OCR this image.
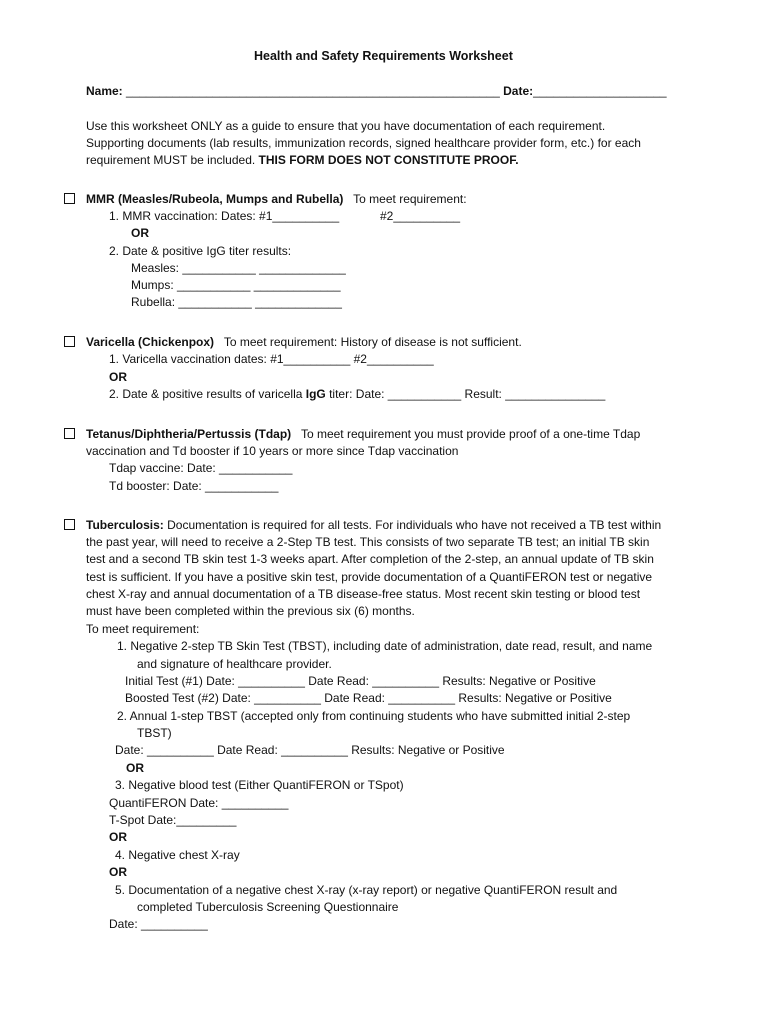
Health and Safety Requirements Worksheet
Name: ________________________________________________________ Date:____________________
Use this worksheet ONLY as a guide to ensure that you have documentation of each requirement.
Supporting documents (lab results, immunization records, signed healthcare provider form, etc.) for each
requirement MUST be included. THIS FORM DOES NOT CONSTITUTE PROOF.
MMR (Measles/Rubeola, Mumps and Rubella) To meet requirement:
1. MMR vaccination: Dates: #1__________	#2__________
OR
2. Date & positive IgG titer results:
Measles: ___________ _____________
Mumps: ___________ _____________
Rubella: ___________ _____________
Varicella (Chickenpox) To meet requirement: History of disease is not sufficient.
1. Varicella vaccination dates: #1__________ #2__________
OR
2. Date & positive results of varicella IgG titer: Date: ___________ Result: _______________
Tetanus/Diphtheria/Pertussis (Tdap) To meet requirement you must provide proof of a one-time Tdap
vaccination and Td booster if 10 years or more since Tdap vaccination
Tdap vaccine: Date: ___________
Td booster: Date: ___________
Tuberculosis: Documentation is required for all tests. For individuals who have not received a TB test within
the past year, will need to receive a 2-Step TB test. This consists of two separate TB test; an initial TB skin
test and a second TB skin test 1-3 weeks apart. After completion of the 2-step, an annual update of TB skin
test is sufficient. If you have a positive skin test, provide documentation of a QuantiFERON test or negative
chest X-ray and annual documentation of a TB disease-free status. Most recent skin testing or blood test
must have been completed within the previous six (6) months.
To meet requirement:
1. Negative 2-step TB Skin Test (TBST), including date of administration, date read, result, and name
and signature of healthcare provider.
Initial Test (#1) Date: __________ Date Read: __________ Results: Negative or Positive
Boosted Test (#2) Date: __________ Date Read: __________ Results: Negative or Positive
2. Annual 1-step TBST (accepted only from continuing students who have submitted initial 2-step
TBST)
Date: __________ Date Read: __________ Results: Negative or Positive
OR
3. Negative blood test (Either QuantiFERON or TSpot)
QuantiFERON Date: __________
T-Spot Date:_________
OR
4. Negative chest X-ray
OR
5. Documentation of a negative chest X-ray (x-ray report) or negative QuantiFERON result and
completed Tuberculosis Screening Questionnaire
Date: __________
